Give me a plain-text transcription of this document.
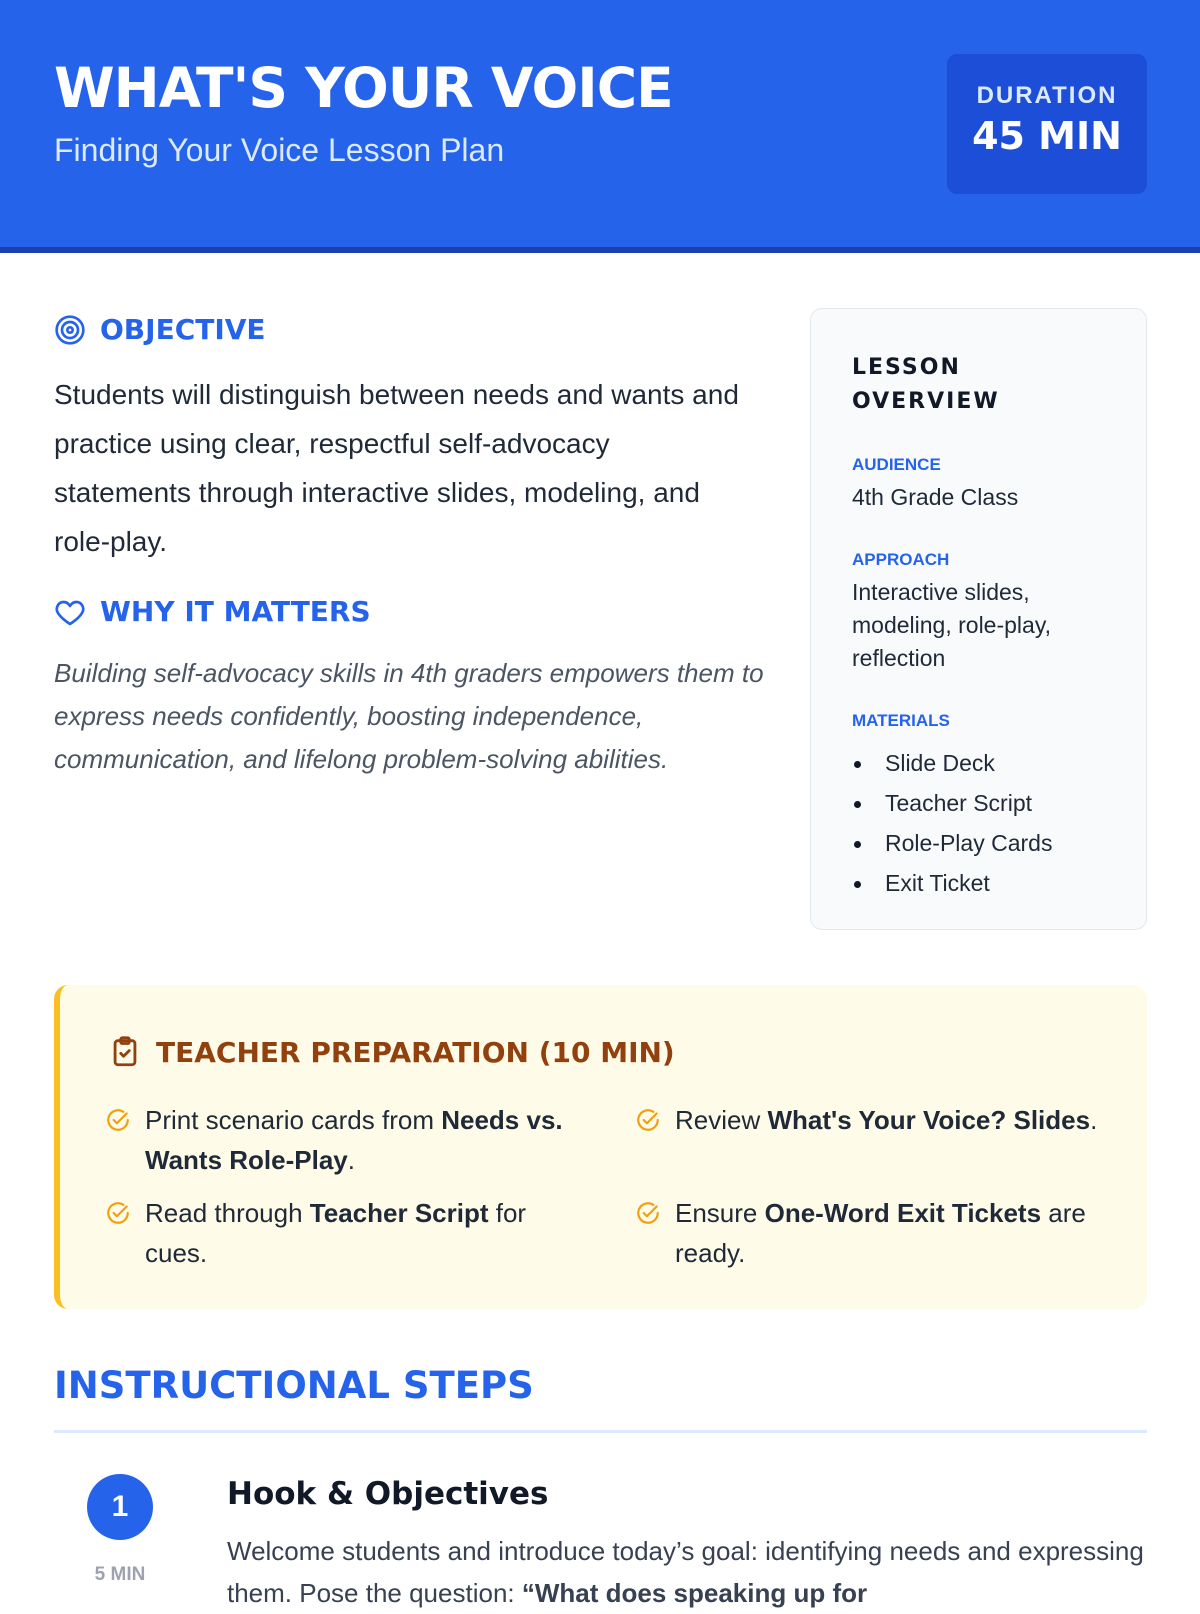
WHAT'S YOUR VOICE
Finding Your Voice Lesson Plan
DURATION
45 MIN
OBJECTIVE
Students will distinguish between needs and wants and practice using clear, respectful self-advocacy statements through interactive slides, modeling, and role-play.
WHY IT MATTERS
Building self-advocacy skills in 4th graders empowers them to express needs confidently, boosting independence, communication, and lifelong problem-solving abilities.
LESSON OVERVIEW
AUDIENCE
4th Grade Class
APPROACH
Interactive slides, modeling, role-play, reflection
MATERIALS
Slide Deck
Teacher Script
Role-Play Cards
Exit Ticket
TEACHER PREPARATION (10 MIN)
Print scenario cards from Needs vs. Wants Role-Play.
Review What's Your Voice? Slides.
Read through Teacher Script for cues.
Ensure One-Word Exit Tickets are ready.
INSTRUCTIONAL STEPS
1
5 MIN
Hook & Objectives
Welcome students and introduce today’s goal: identifying needs and expressing them. Pose the question: “What does speaking up for
